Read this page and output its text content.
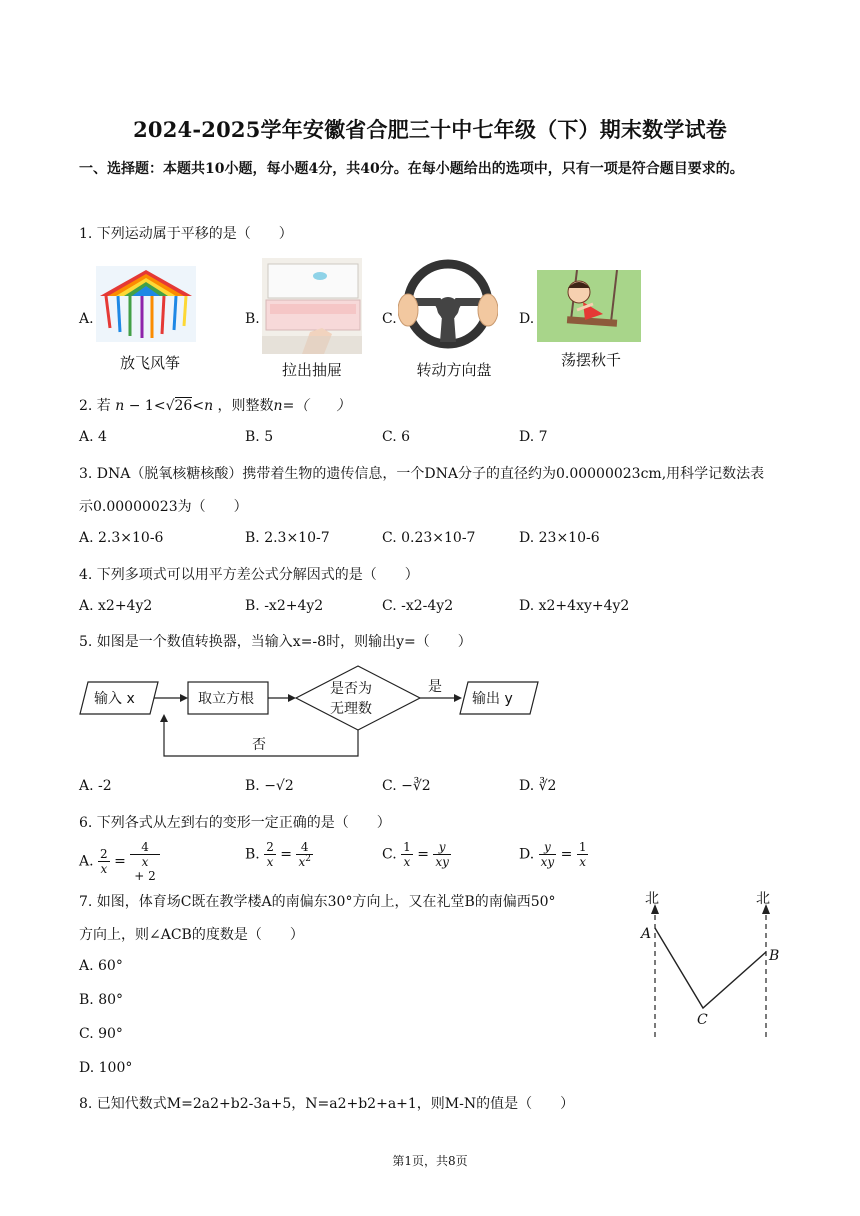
2024-2025学年安徽省合肥三十中七年级（下）期末数学试卷
一、选择题：本题共10小题，每小题4分，共40分。在每小题给出的选项中，只有一项是符合题目要求的。
1. 下列运动属于平移的是（　　）
A.
放飞风筝
B.
拉出抽屉
C.
转动方向盘
D.
荡摆秋千
2. 若 n − 1<√26<n ，则整数n=（　　）
A. 4	B. 5	C. 6	D. 7
3. DNA（脱氧核糖核酸）携带着生物的遗传信息，一个DNA分子的直径约为0.00000023cm,用科学记数法表
示0.00000023为（　　）
A. 2.3×10-6	B. 2.3×10-7	C. 0.23×10-7	D. 23×10-6
4. 下列多项式可以用平方差公式分解因式的是（　　）
A. x2+4y2	B. -x2+4y2	C. -x2-4y2	D. x2+4xy+4y2
5. 如图是一个数值转换器，当输入x=-8时，则输出y=（　　）
输入 x	取立方根
是否为
无理数
是
否
输出 y
A. -2	B. −√2	C. −∛2	D. ∛2
6. 下列各式从左到右的变形一定正确的是（　　）
A. $\frac{2}{x} = 4$
x
+ 2	B. $\frac{2}{x} = \frac{4}{x^2}$	C. $\frac{1}{x} = \frac{y}{xy}$	D. $\frac{y}{xy} = \frac{1}{x}$
7. 如图，体育场C既在教学楼A的南偏东30°方向上，又在礼堂B的南偏西50°
方向上，则∠ACB的度数是（　　）
A. 60°
B. 80°
C. 90°
D. 100°
北	北
A
B
C
8. 已知代数式M=2a2+b2-3a+5，N=a2+b2+a+1，则M-N的值是（　　）
第1页，共8页
